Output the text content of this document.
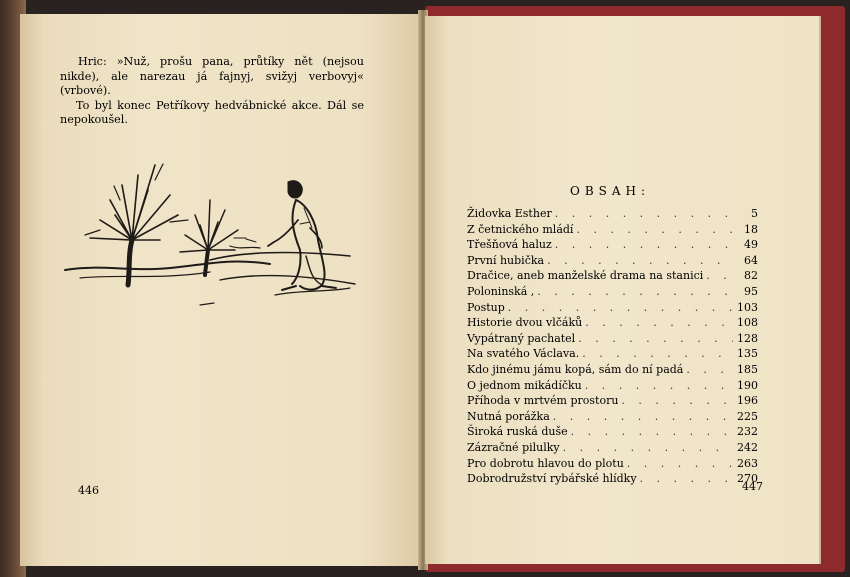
Hric: »Nuž, prošu pana, průtíky nět (nejsou nikde), ale narezau já fajnyj, svižyj verbovyj« (vrbové).

To byl konec Petříkovy hedvábnické akce. Dál se nepokoušel.

446
OBSAH:
Židovka Esther . . .	5
Z četnického mládí . . .	18
Třešňová haluz . . .	49
První hubička . . .	64
Dračice, aneb manželské drama na stanici . . .	82
Poloninská , . . .	95
Postup . . .	103
Historie dvou vlčáků . . .	108
Vypátraný pachatel . . .	128
Na svatého Václava. . . .	135
Kdo jinému jámu kopá, sám do ní padá . . .	185
O jednom mikádíčku . . .	190
Příhoda v mrtvém prostoru . . .	196
Nutná porážka . . .	225
Široká ruská duše . . .	232
Zázračné pilulky . . .	242
Pro dobrotu hlavou do plotu . . .	263
Dobrodružství rybářské hlídky . . .	270
447
